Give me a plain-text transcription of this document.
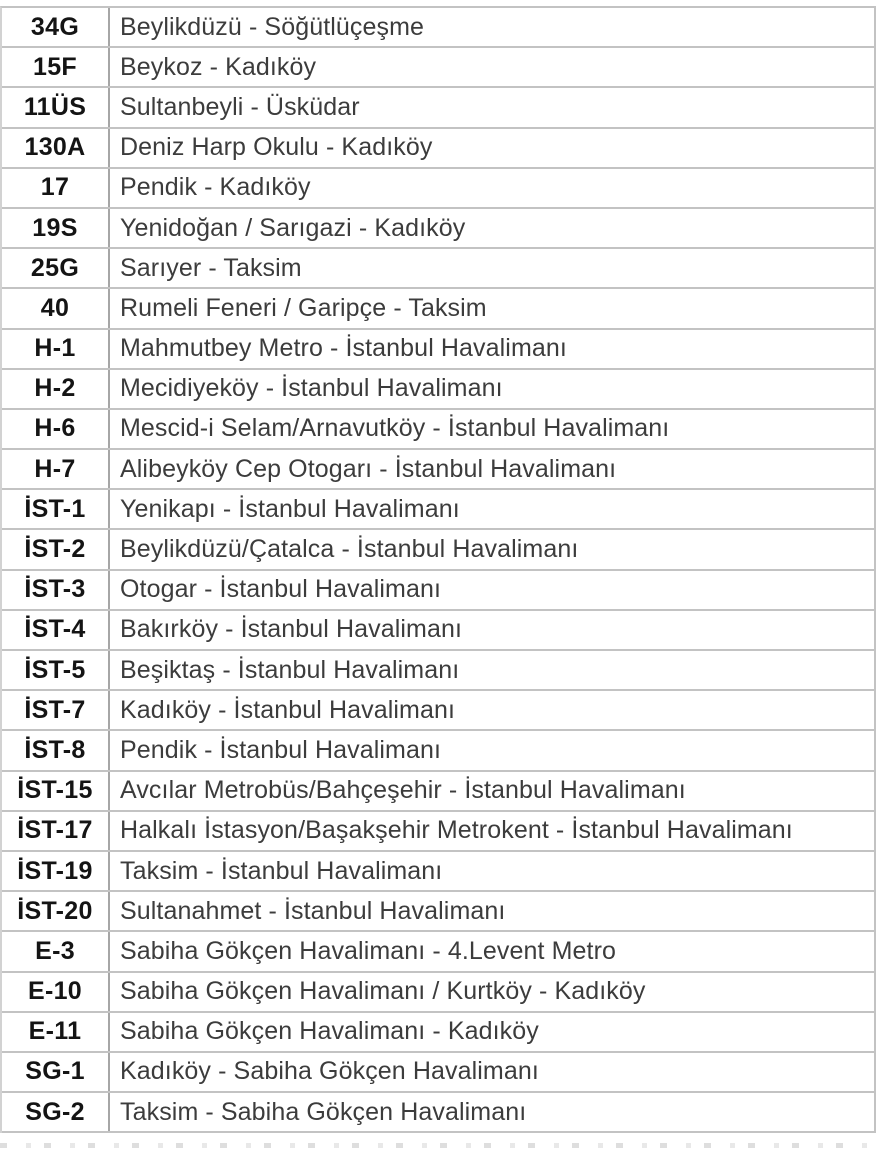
34G	Beylikdüzü - Söğütlüçeşme
15F	Beykoz - Kadıköy
11ÜS	Sultanbeyli - Üsküdar
130A	Deniz Harp Okulu - Kadıköy
17	Pendik - Kadıköy
19S	Yenidoğan / Sarıgazi - Kadıköy
25G	Sarıyer - Taksim
40	Rumeli Feneri / Garipçe - Taksim
H-1	Mahmutbey Metro - İstanbul Havalimanı
H-2	Mecidiyeköy - İstanbul Havalimanı
H-6	Mescid-i Selam/Arnavutköy - İstanbul Havalimanı
H-7	Alibeyköy Cep Otogarı - İstanbul Havalimanı
İST-1	Yenikapı - İstanbul Havalimanı
İST-2	Beylikdüzü/Çatalca - İstanbul Havalimanı
İST-3	Otogar - İstanbul Havalimanı
İST-4	Bakırköy - İstanbul Havalimanı
İST-5	Beşiktaş - İstanbul Havalimanı
İST-7	Kadıköy - İstanbul Havalimanı
İST-8	Pendik - İstanbul Havalimanı
İST-15	Avcılar Metrobüs/Bahçeşehir - İstanbul Havalimanı
İST-17	Halkalı İstasyon/Başakşehir Metrokent - İstanbul Havalimanı
İST-19	Taksim - İstanbul Havalimanı
İST-20	Sultanahmet - İstanbul Havalimanı
E-3	Sabiha Gökçen Havalimanı - 4.Levent Metro
E-10	Sabiha Gökçen Havalimanı / Kurtköy - Kadıköy
E-11	Sabiha Gökçen Havalimanı - Kadıköy
SG-1	Kadıköy - Sabiha Gökçen Havalimanı
SG-2	Taksim - Sabiha Gökçen Havalimanı
